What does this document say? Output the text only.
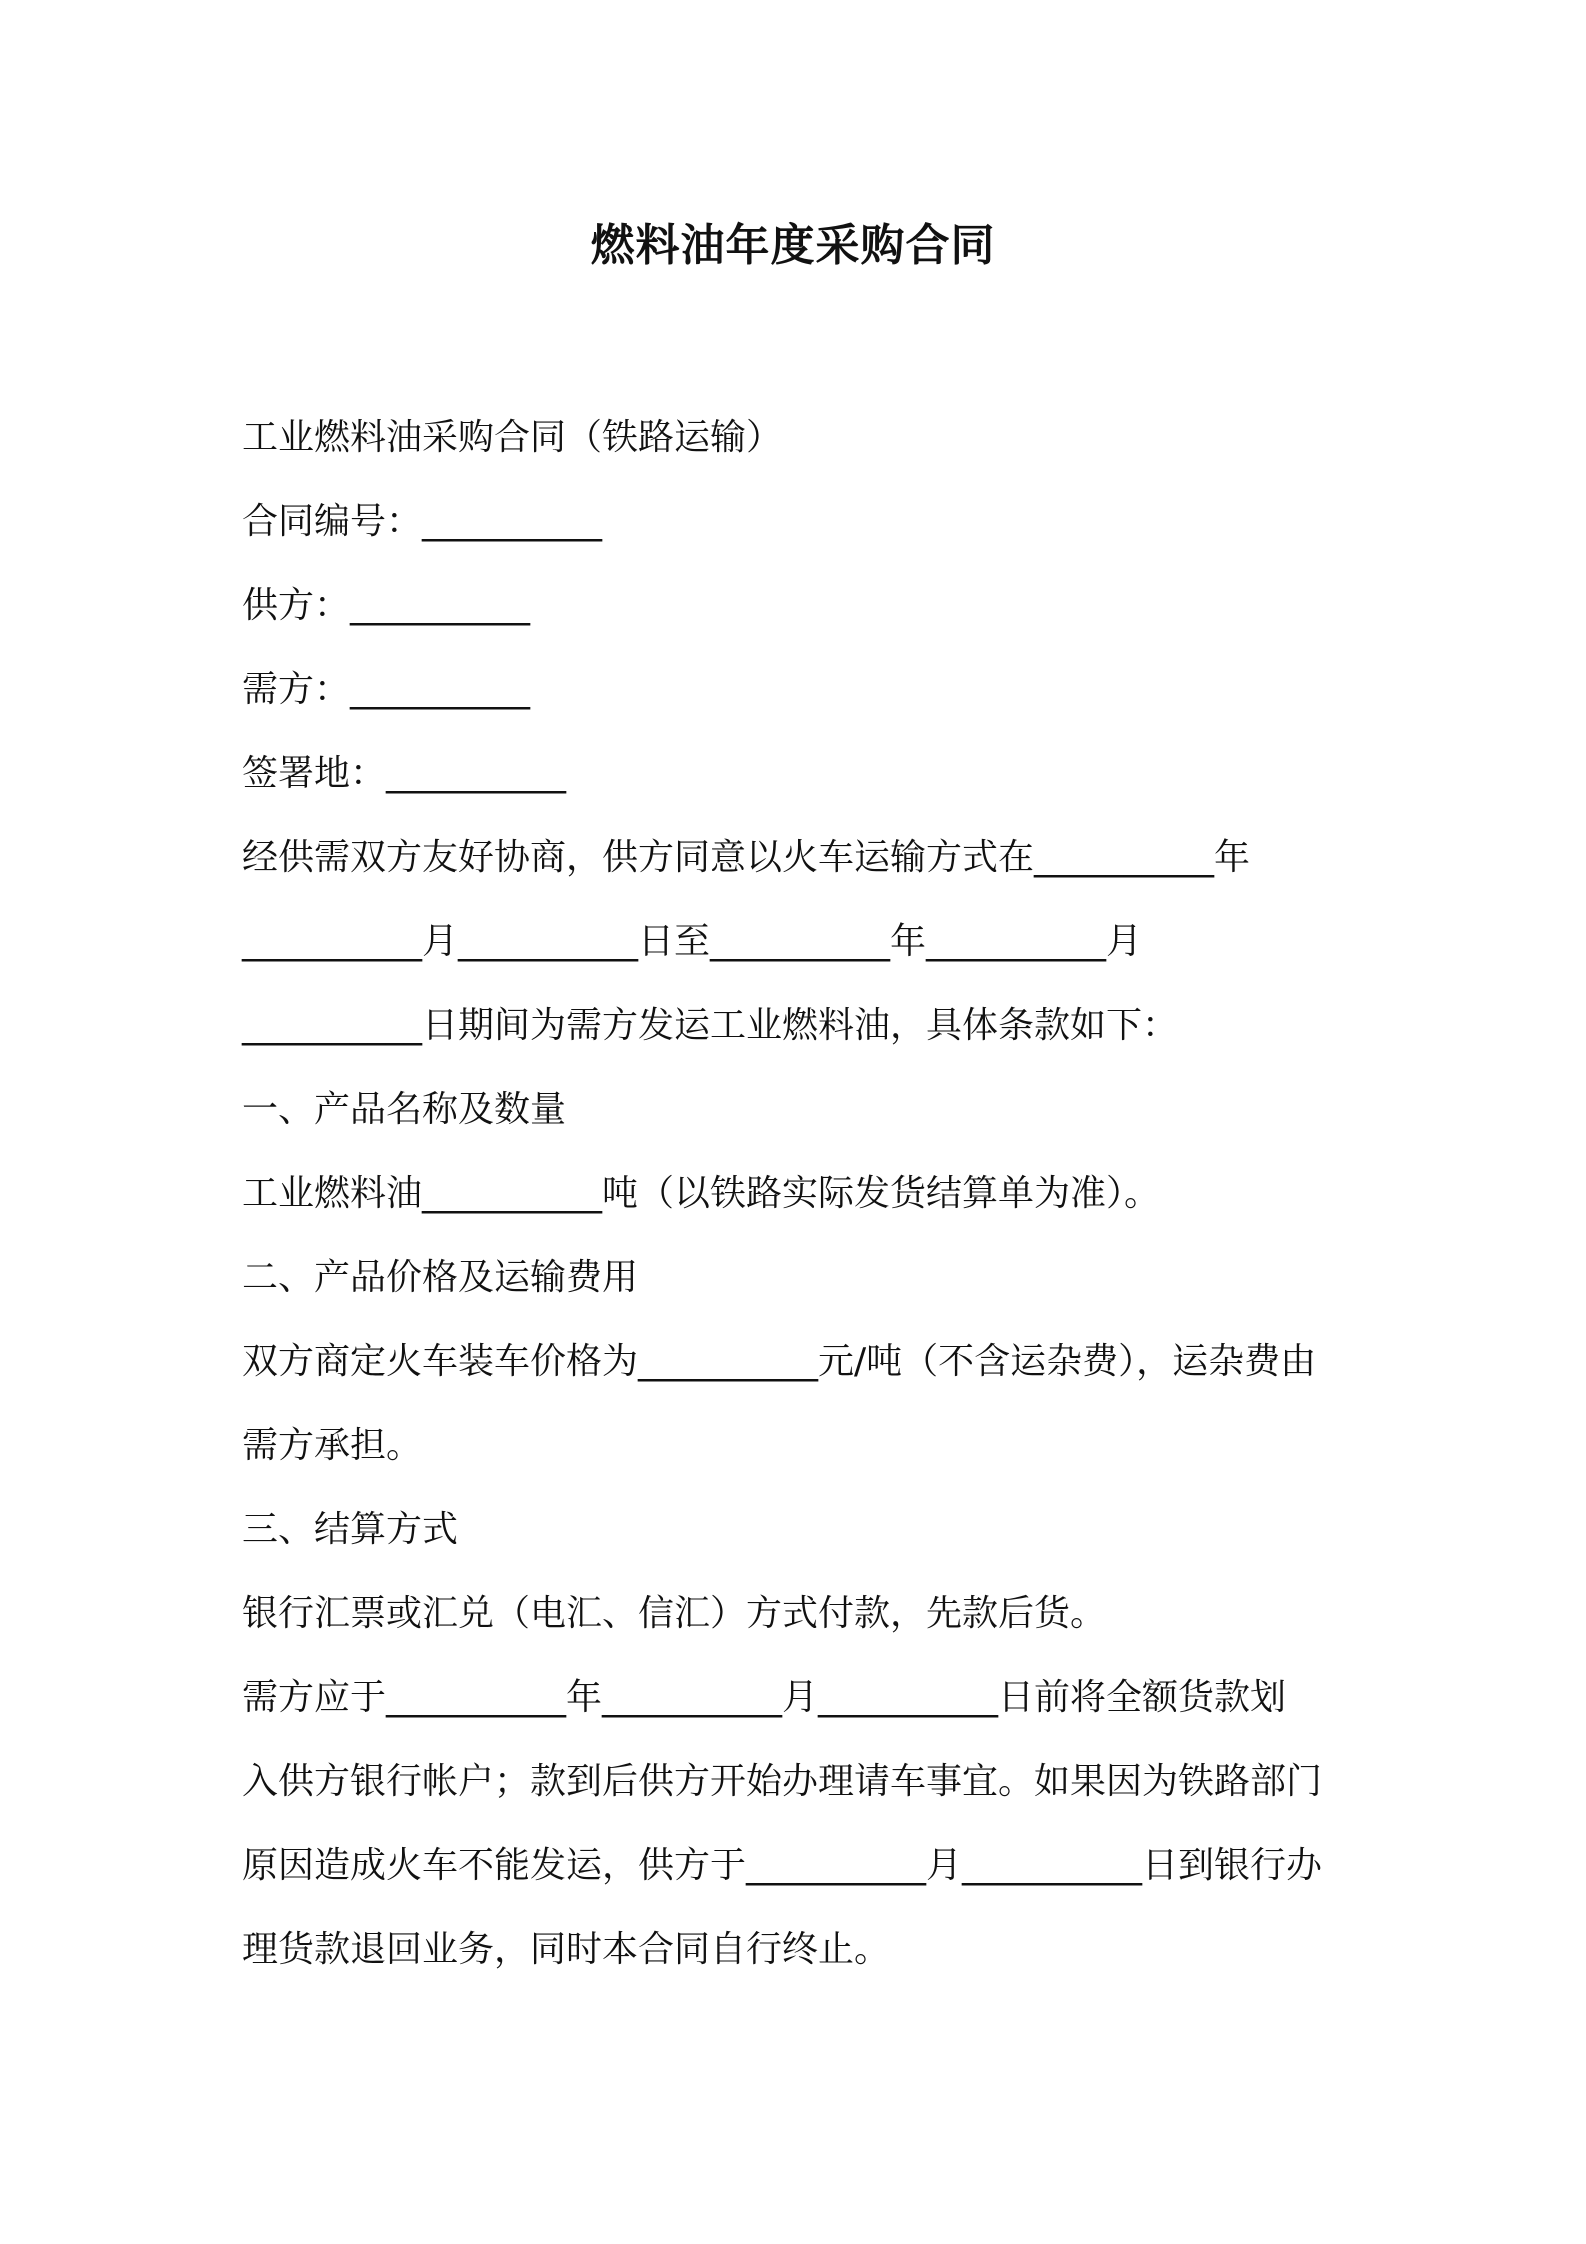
燃料油年度采购合同
工业燃料油采购合同（铁路运输）
合同编号：__________
供方：__________
需方：__________
签署地：__________
经供需双方友好协商，供方同意以火车运输方式在__________年
__________月__________日至__________年__________月
__________日期间为需方发运工业燃料油，具体条款如下：
一、产品名称及数量
工业燃料油__________吨（以铁路实际发货结算单为准）。
二、产品价格及运输费用
双方商定火车装车价格为__________元/吨（不含运杂费），运杂费由
需方承担。
三、结算方式
银行汇票或汇兑（电汇、信汇）方式付款，先款后货。
需方应于__________年__________月__________日前将全额货款划
入供方银行帐户；款到后供方开始办理请车事宜。如果因为铁路部门
原因造成火车不能发运，供方于__________月__________日到银行办
理货款退回业务，同时本合同自行终止。
